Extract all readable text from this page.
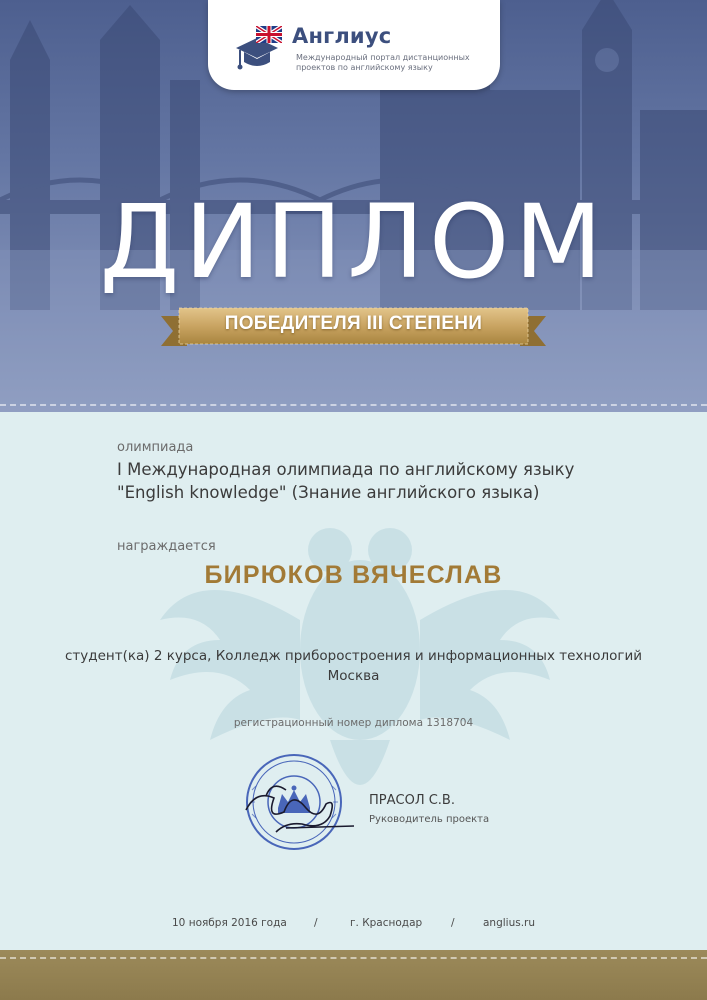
Англиус
Международный портал дистанционных проектов по английскому языку
ДИПЛОМ
ПОБЕДИТЕЛЯ III СТЕПЕНИ
олимпиада
I Международная олимпиада по английскому языку
"English knowledge" (Знание английского языка)
награждается
БИРЮКОВ ВЯЧЕСЛАВ
студент(ка) 2 курса, Колледж приборостроения и информационных технологий
Москва
регистрационный номер диплома 1318704
ПРАСОЛ С.В.
Руководитель проекта
10 ноября 2016 года	/	г. Краснодар	/	anglius.ru
